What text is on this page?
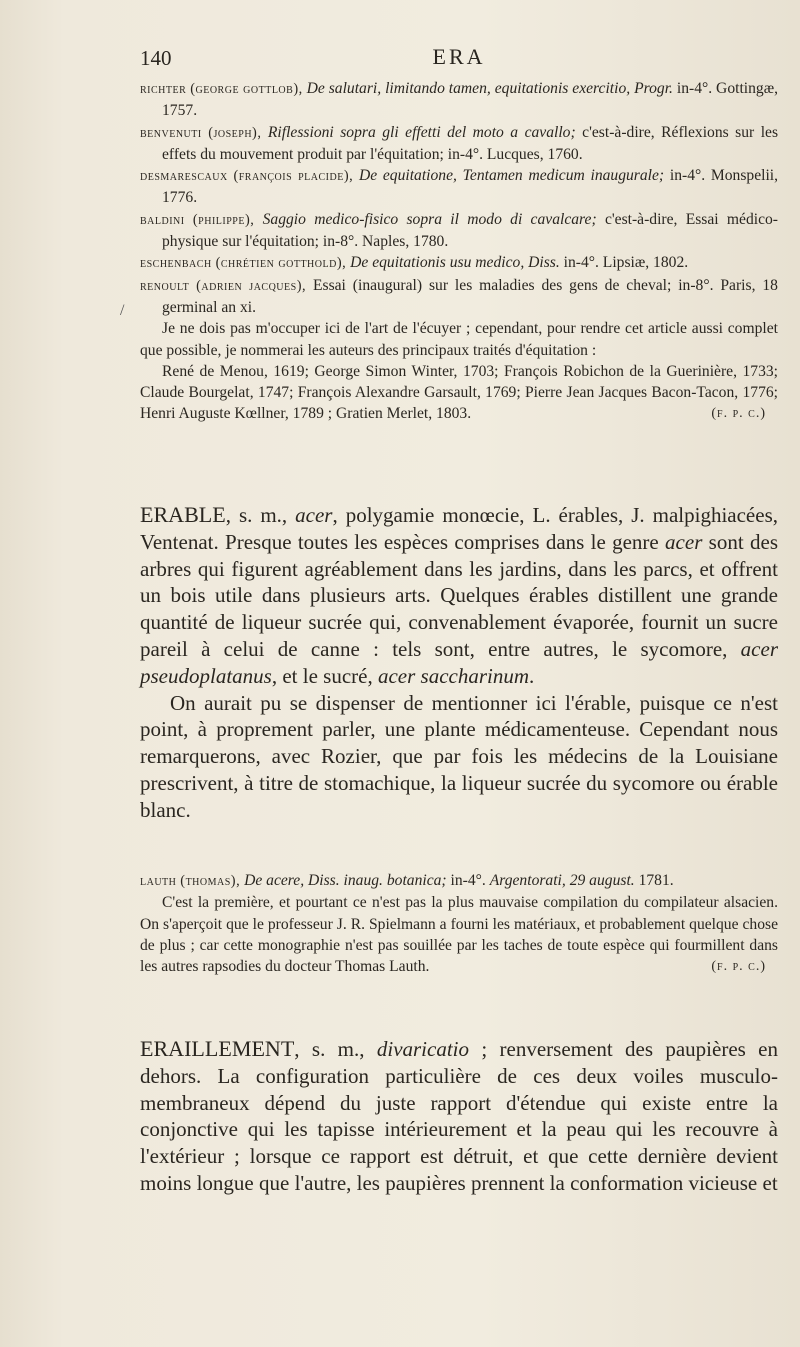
140	ERA
/

richter (george gottlob), De salutari, limitando tamen, equitationis exercitio, Progr. in-4°. Gottingæ, 1757.

benvenuti (joseph), Riflessioni sopra gli effetti del moto a cavallo; c'est-à-dire, Réflexions sur les effets du mouvement produit par l'équitation; in-4°. Lucques, 1760.

desmarescaux (françois placide), De equitatione, Tentamen medicum inaugurale; in-4°. Monspelii, 1776.

baldini (philippe), Saggio medico-fisico sopra il modo di cavalcare; c'est-à-dire, Essai médico-physique sur l'équitation; in-8°. Naples, 1780.

eschenbach (chrétien gotthold), De equitationis usu medico, Diss. in-4°. Lipsiæ, 1802.

renoult (adrien jacques), Essai (inaugural) sur les maladies des gens de cheval; in-8°. Paris, 18 germinal an xi.

Je ne dois pas m'occuper ici de l'art de l'écuyer ; cependant, pour rendre cet article aussi complet que possible, je nommerai les auteurs des principaux traités d'équitation :

René de Menou, 1619; George Simon Winter, 1703; François Robichon de la Guerinière, 1733; Claude Bourgelat, 1747; François Alexandre Garsault, 1769; Pierre Jean Jacques Bacon-Tacon, 1776; Henri Auguste Kœllner, 1789 ; Gratien Merlet, 1803.	(f. p. c.)

ERABLE, s. m., acer, polygamie monœcie, L. érables, J. malpighiacées, Ventenat. Presque toutes les espèces comprises dans le genre acer sont des arbres qui figurent agréablement dans les jardins, dans les parcs, et offrent un bois utile dans plusieurs arts. Quelques érables distillent une grande quantité de liqueur sucrée qui, convenablement évaporée, fournit un sucre pareil à celui de canne : tels sont, entre autres, le sycomore, acer pseudoplatanus, et le sucré, acer saccharinum.

On aurait pu se dispenser de mentionner ici l'érable, puisque ce n'est point, à proprement parler, une plante médicamenteuse. Cependant nous remarquerons, avec Rozier, que par fois les médecins de la Louisiane prescrivent, à titre de stomachique, la liqueur sucrée du sycomore ou érable blanc.

lauth (thomas), De acere, Diss. inaug. botanica; in-4°. Argentorati, 29 august. 1781.

C'est la première, et pourtant ce n'est pas la plus mauvaise compilation du compilateur alsacien. On s'aperçoit que le professeur J. R. Spielmann a fourni les matériaux, et probablement quelque chose de plus ; car cette monographie n'est pas souillée par les taches de toute espèce qui fourmillent dans les autres rapsodies du docteur Thomas Lauth.	(f. p. c.)

ERAILLEMENT, s. m., divaricatio ; renversement des paupières en dehors. La configuration particulière de ces deux voiles musculo-membraneux dépend du juste rapport d'étendue qui existe entre la conjonctive qui les tapisse intérieurement et la peau qui les recouvre à l'extérieur ; lorsque ce rapport est détruit, et que cette dernière devient moins longue que l'autre, les paupières prennent la conformation vicieuse et
